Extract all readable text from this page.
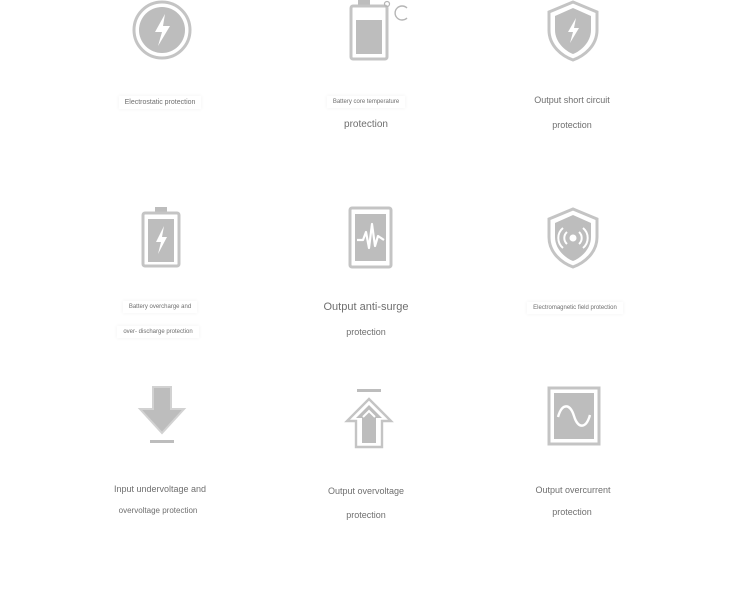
Electrostatic protection	Battery core temperature
protection
Output short circuit
protection
Battery overcharge and
over- discharge protection
Output anti-surge
protection
Electromagnetic field protection
Input undervoltage and
overvoltage protection
Output overvoltage
protection
Output overcurrent
protection
